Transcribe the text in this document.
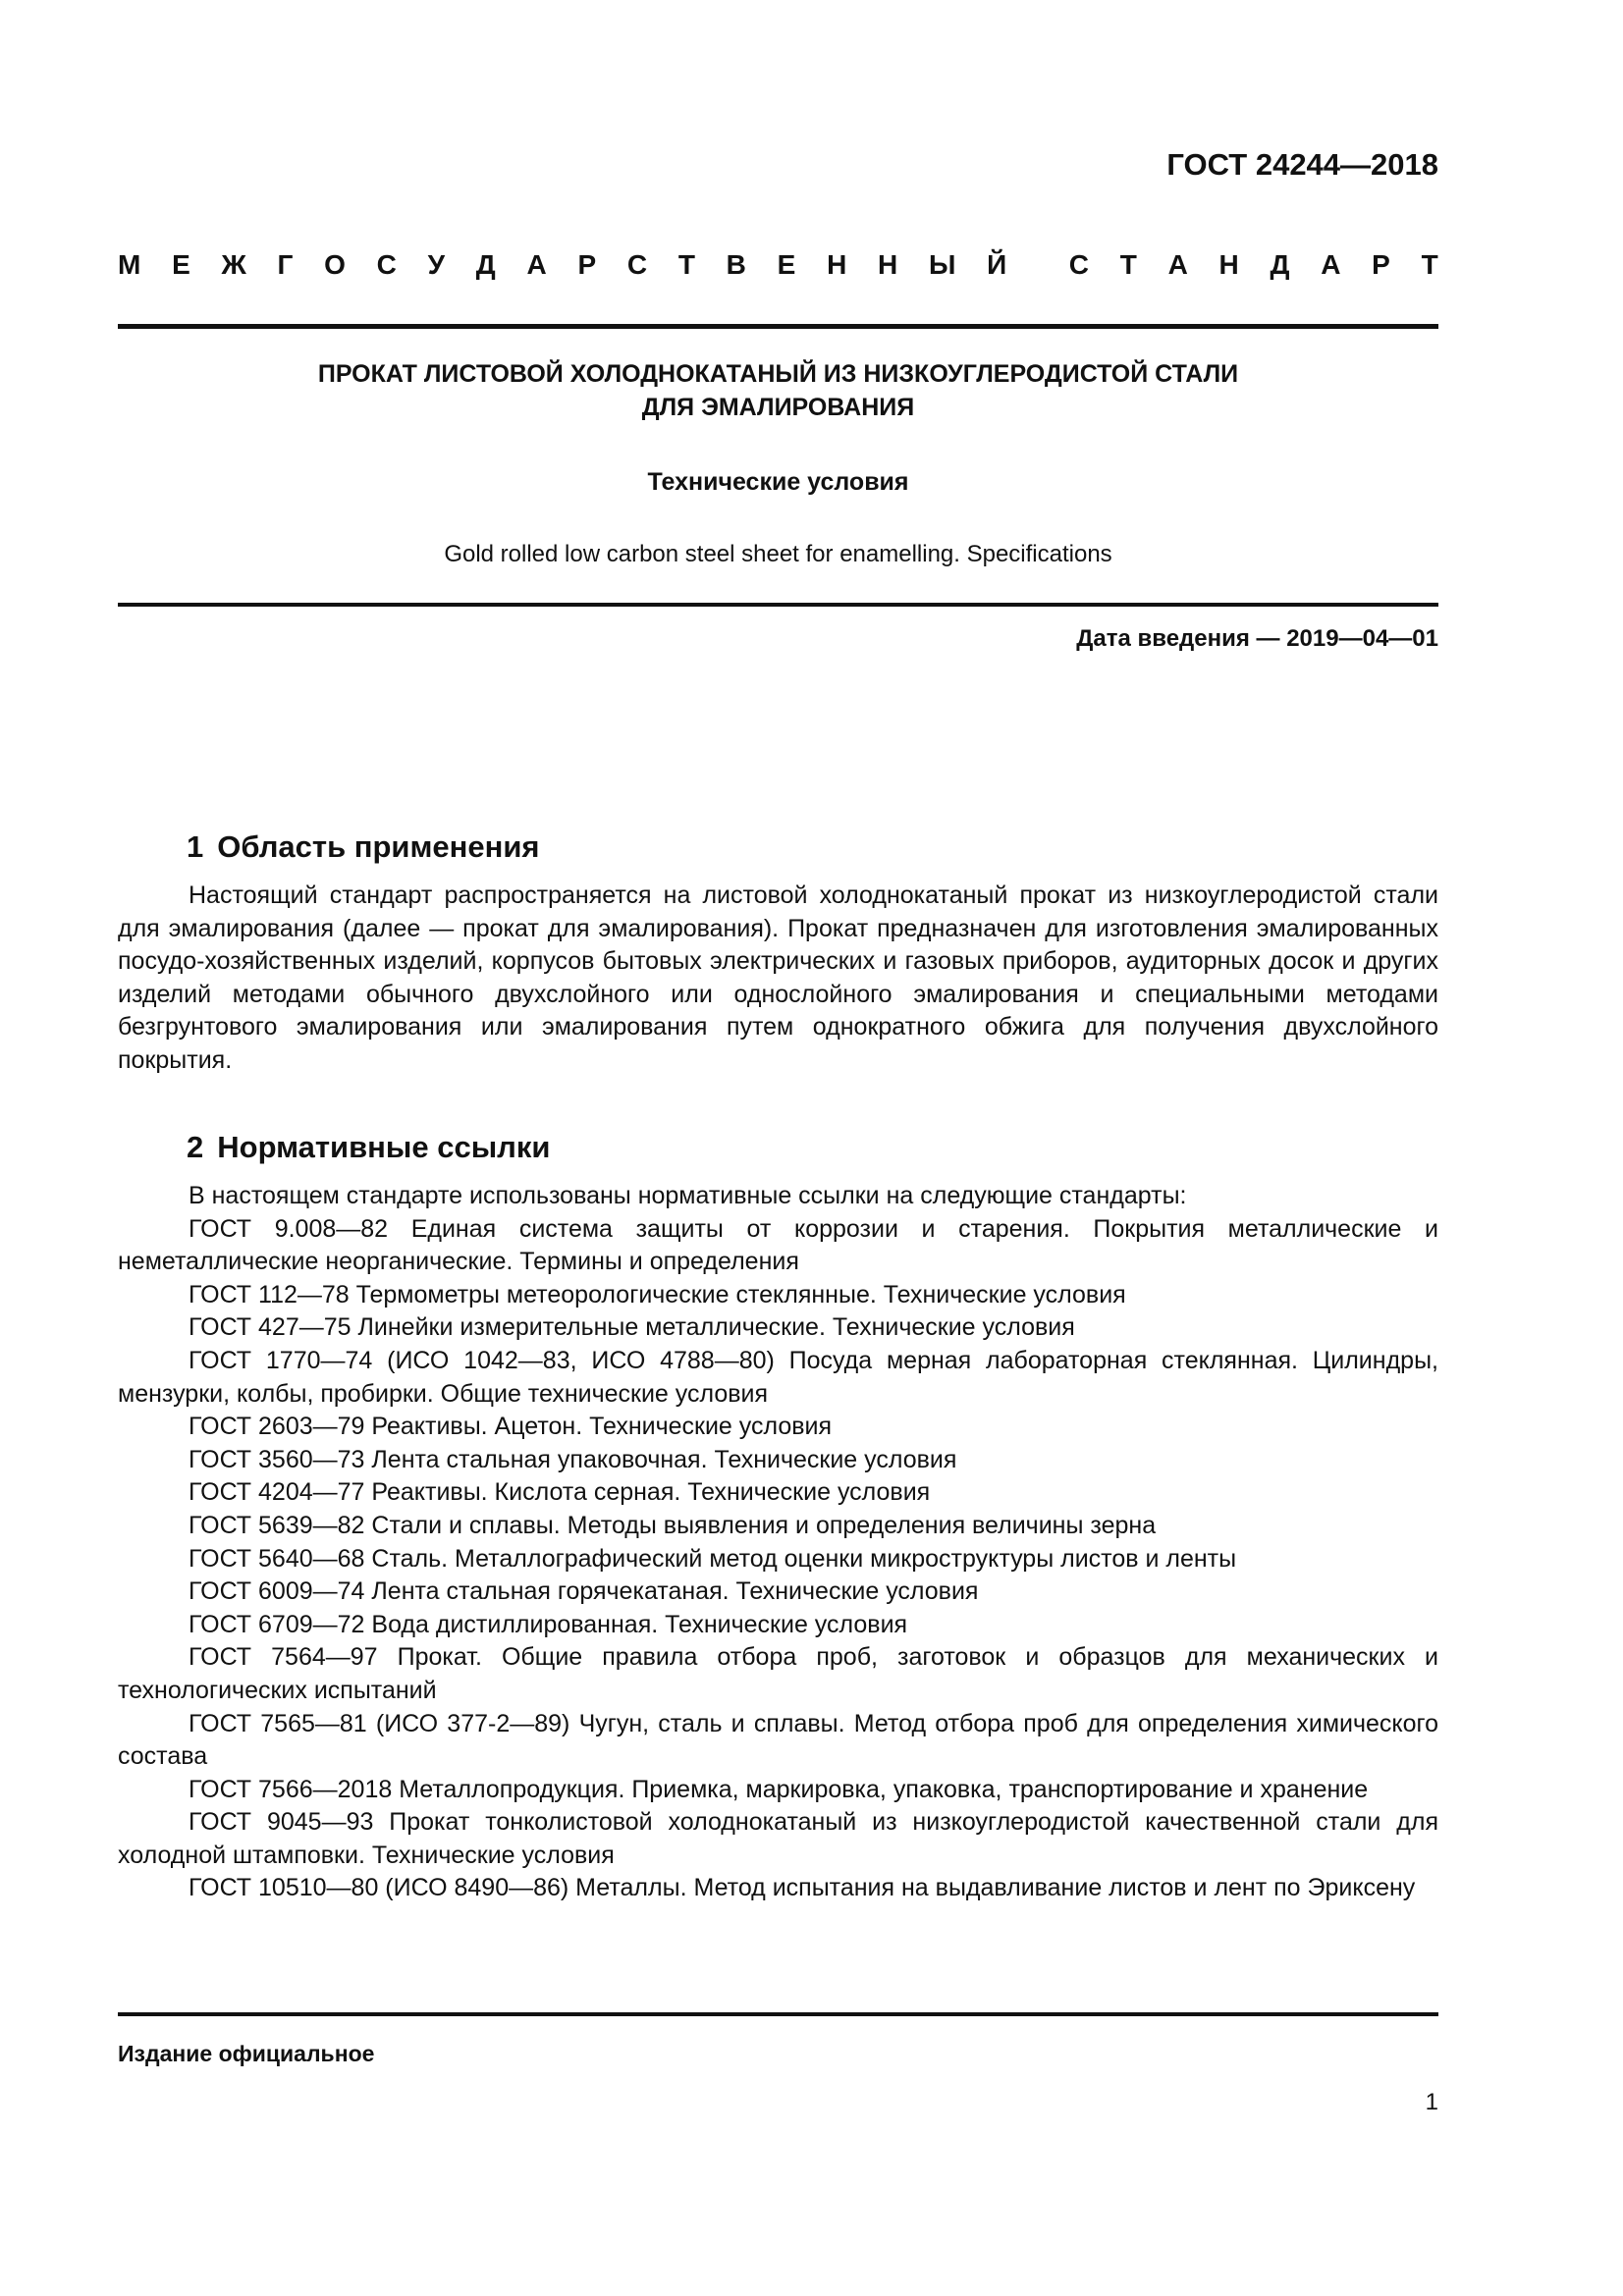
ГОСТ 24244—2018
М Е Ж Г О С У Д А Р С Т В Е Н Н Ы Й С Т А Н Д А Р Т
ПРОКАТ ЛИСТОВОЙ ХОЛОДНОКАТАНЫЙ ИЗ НИЗКОУГЛЕРОДИСТОЙ СТАЛИ
ДЛЯ ЭМАЛИРОВАНИЯ
Технические условия
Gold rolled low carbon steel sheet for enamelling. Specifications
Дата введения — 2019—04—01
1 Область применения

Настоящий стандарт распространяется на листовой холоднокатаный прокат из низкоуглеродистой стали для эмалирования (далее — прокат для эмалирования). Прокат предназначен для изготовления эмалированных посудо-хозяйственных изделий, корпусов бытовых электрических и газовых приборов, аудиторных досок и других изделий методами обычного двухслойного или однослойного эмалирования и специальными методами безгрунтового эмалирования или эмалирования путем однократного обжига для получения двухслойного покрытия.

2 Нормативные ссылки

В настоящем стандарте использованы нормативные ссылки на следующие стандарты:

ГОСТ 9.008—82 Единая система защиты от коррозии и старения. Покрытия металлические и неметаллические неорганические. Термины и определения

ГОСТ 112—78 Термометры метеорологические стеклянные. Технические условия

ГОСТ 427—75 Линейки измерительные металлические. Технические условия

ГОСТ 1770—74 (ИСО 1042—83, ИСО 4788—80) Посуда мерная лабораторная стеклянная. Цилиндры, мензурки, колбы, пробирки. Общие технические условия

ГОСТ 2603—79 Реактивы. Ацетон. Технические условия

ГОСТ 3560—73 Лента стальная упаковочная. Технические условия

ГОСТ 4204—77 Реактивы. Кислота серная. Технические условия

ГОСТ 5639—82 Стали и сплавы. Методы выявления и определения величины зерна

ГОСТ 5640—68 Сталь. Металлографический метод оценки микроструктуры листов и ленты

ГОСТ 6009—74 Лента стальная горячекатаная. Технические условия

ГОСТ 6709—72 Вода дистиллированная. Технические условия

ГОСТ 7564—97 Прокат. Общие правила отбора проб, заготовок и образцов для механических и технологических испытаний

ГОСТ 7565—81 (ИСО 377-2—89) Чугун, сталь и сплавы. Метод отбора проб для определения химического состава

ГОСТ 7566—2018 Металлопродукция. Приемка, маркировка, упаковка, транспортирование и хранение

ГОСТ 9045—93 Прокат тонколистовой холоднокатаный из низкоуглеродистой качественной стали для холодной штамповки. Технические условия

ГОСТ 10510—80 (ИСО 8490—86) Металлы. Метод испытания на выдавливание листов и лент по Эриксену

Издание официальное
1
